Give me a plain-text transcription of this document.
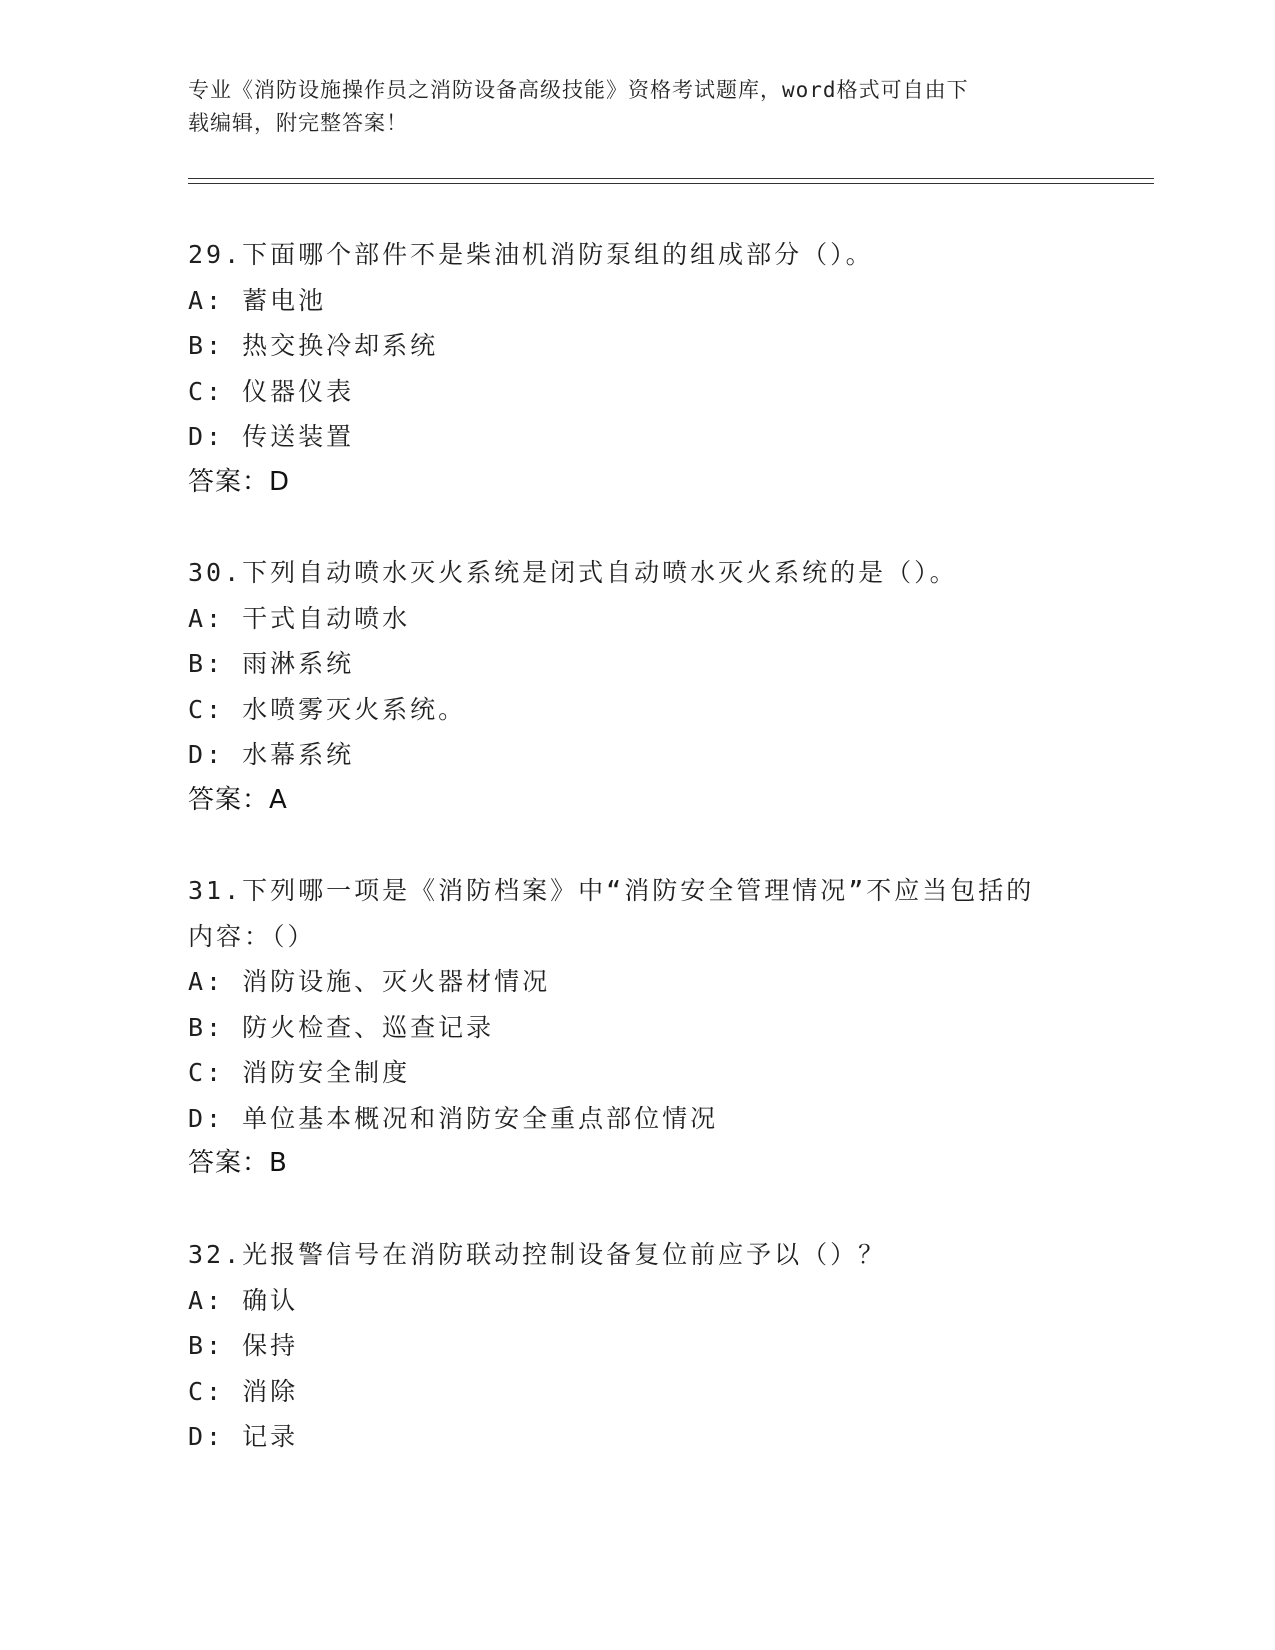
专业《消防设施操作员之消防设备高级技能》资格考试题库，word格式可自由下
载编辑，附完整答案！
29.下面哪个部件不是柴油机消防泵组的组成部分（）。
A: 蓄电池
B: 热交换冷却系统
C: 仪器仪表
D: 传送装置
答案：D
30.下列自动喷水灭火系统是闭式自动喷水灭火系统的是（）。
A: 干式自动喷水
B: 雨淋系统
C: 水喷雾灭火系统。
D: 水幕系统
答案：A
31.下列哪一项是《消防档案》中“消防安全管理情况”不应当包括的
内容：（）
A: 消防设施、灭火器材情况
B: 防火检查、巡查记录
C: 消防安全制度
D: 单位基本概况和消防安全重点部位情况
答案：B
32.光报警信号在消防联动控制设备复位前应予以（）？
A: 确认
B: 保持
C: 消除
D: 记录
